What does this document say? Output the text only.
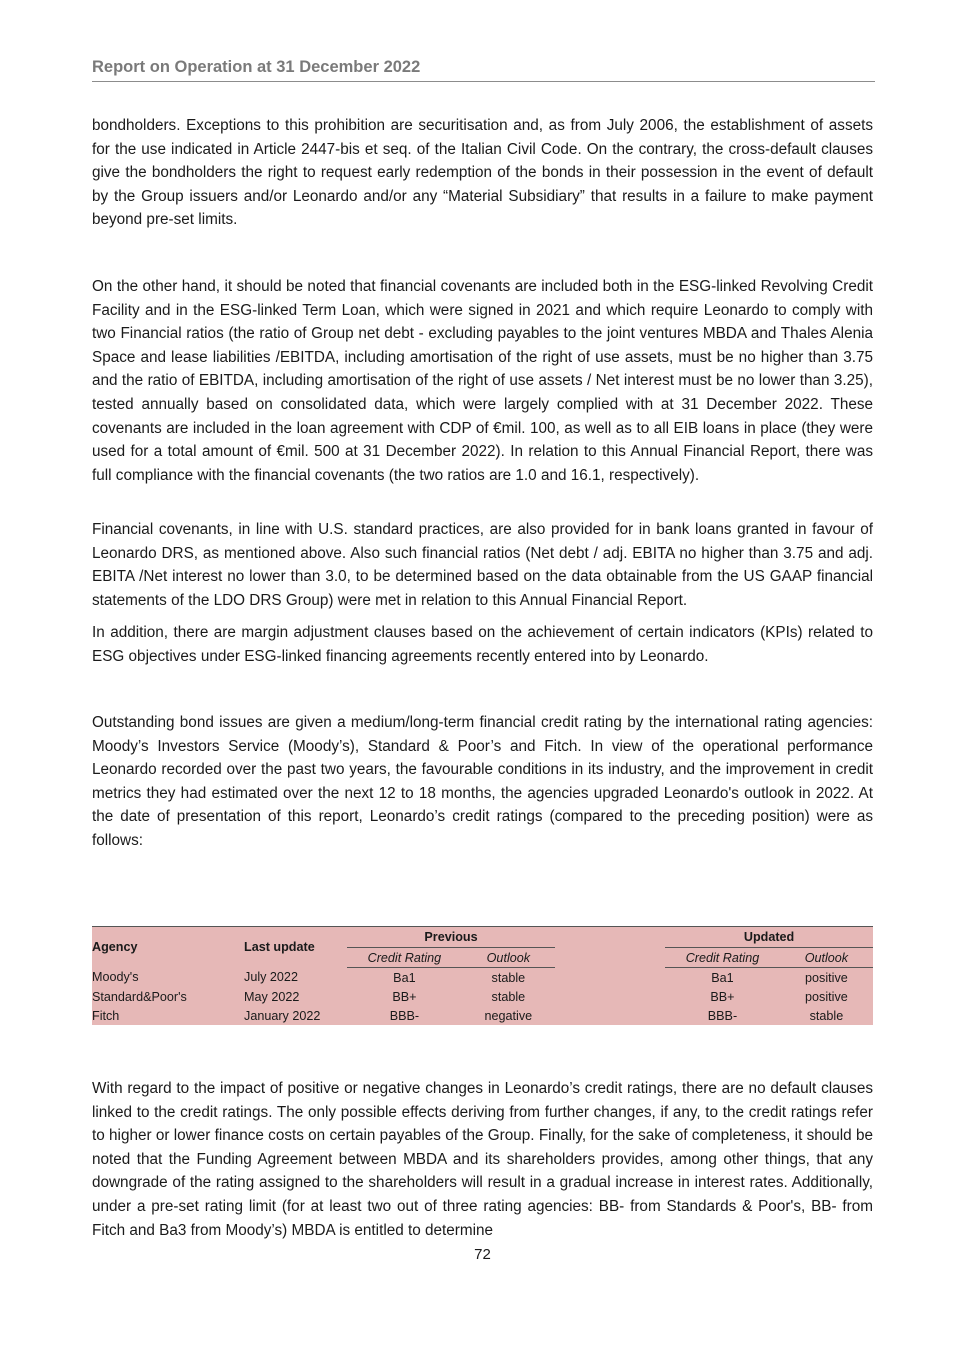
Report on Operation at 31 December 2022

bondholders. Exceptions to this prohibition are securitisation and, as from July 2006, the establishment of assets for the use indicated in Article 2447-bis et seq. of the Italian Civil Code. On the contrary, the cross-default clauses give the bondholders the right to request early redemption of the bonds in their possession in the event of default by the Group issuers and/or Leonardo and/or any “Material Subsidiary” that results in a failure to make payment beyond pre-set limits.

On the other hand, it should be noted that financial covenants are included both in the ESG-linked Revolving Credit Facility and in the ESG-linked Term Loan, which were signed in 2021 and which require Leonardo to comply with two Financial ratios (the ratio of Group net debt - excluding payables to the joint ventures MBDA and Thales Alenia Space and lease liabilities /EBITDA, including amortisation of the right of use assets, must be no higher than 3.75 and the ratio of EBITDA, including amortisation of the right of use assets / Net interest must be no lower than 3.25), tested annually based on consolidated data, which were largely complied with at 31 December 2022. These covenants are included in the loan agreement with CDP of €mil. 100, as well as to all EIB loans in place (they were used for a total amount of €mil. 500 at 31 December 2022). In relation to this Annual Financial Report, there was full compliance with the financial covenants (the two ratios are 1.0 and 16.1, respectively).

Financial covenants, in line with U.S. standard practices, are also provided for in bank loans granted in favour of Leonardo DRS, as mentioned above. Also such financial ratios (Net debt / adj. EBITA no higher than 3.75 and adj. EBITA /Net interest no lower than 3.0, to be determined based on the data obtainable from the US GAAP financial statements of the LDO DRS Group) were met in relation to this Annual Financial Report.

In addition, there are margin adjustment clauses based on the achievement of certain indicators (KPIs) related to ESG objectives under ESG-linked financing agreements recently entered into by Leonardo.

Outstanding bond issues are given a medium/long-term financial credit rating by the international rating agencies: Moody’s Investors Service (Moody’s), Standard & Poor’s and Fitch. In view of the operational performance Leonardo recorded over the past two years, the favourable conditions in its industry, and the improvement in credit metrics they had estimated over the next 12 to 18 months, the agencies upgraded Leonardo's outlook in 2022. At the date of presentation of this report, Leonardo’s credit ratings (compared to the preceding position) were as follows:

Agency	Last update	Previous			Updated	
		Credit Rating	Outlook		Credit Rating	Outlook
Moody's	July 2022	Ba1	stable		Ba1	positive
Standard&Poor's	May 2022	BB+	stable		BB+	positive
Fitch	January 2022	BBB-	negative		BBB-	stable

With regard to the impact of positive or negative changes in Leonardo’s credit ratings, there are no default clauses linked to the credit ratings. The only possible effects deriving from further changes, if any, to the credit ratings refer to higher or lower finance costs on certain payables of the Group. Finally, for the sake of completeness, it should be noted that the Funding Agreement between MBDA and its shareholders provides, among other things, that any downgrade of the rating assigned to the shareholders will result in a gradual increase in interest rates. Additionally, under a pre-set rating limit (for at least two out of three rating agencies: BB- from Standards & Poor's, BB- from Fitch and Ba3 from Moody’s) MBDA is entitled to determine

72
